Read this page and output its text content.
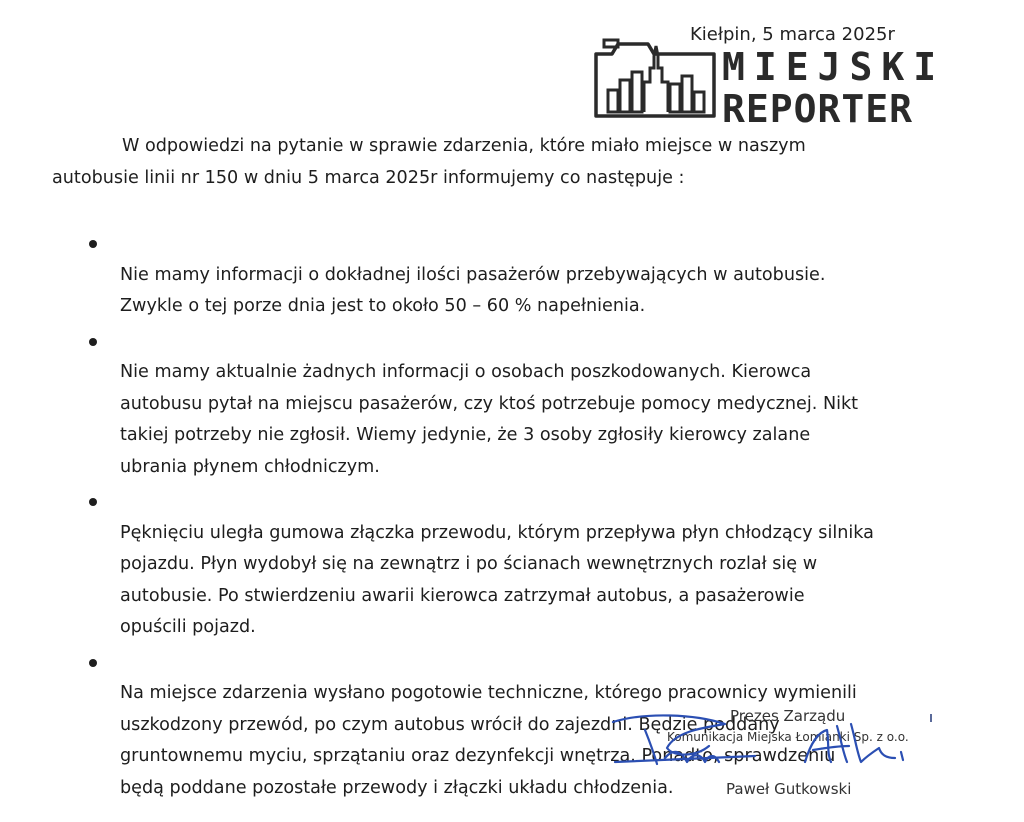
Kiełpin, 5 marca 2025r
MIEJSKI
REPORTER

W odpowiedzi na pytanie w sprawie zdarzenia, które miało miejsce w naszym
autobusie linii nr 150 w dniu 5 marca 2025r informujemy co następuje :

Nie mamy informacji o dokładnej ilości pasażerów przebywających w autobusie.
Zwykle o tej porze dnia jest to około 50 – 60 % napełnienia.

Nie mamy aktualnie żadnych informacji o osobach poszkodowanych. Kierowca
autobusu pytał na miejscu pasażerów, czy ktoś potrzebuje pomocy medycznej. Nikt
takiej potrzeby nie zgłosił. Wiemy jedynie, że 3 osoby zgłosiły kierowcy zalane
ubrania płynem chłodniczym.

Pęknięciu uległa gumowa złączka przewodu, którym przepływa płyn chłodzący silnika
pojazdu. Płyn wydobył się na zewnątrz i po ścianach wewnętrznych rozlał się w
autobusie. Po stwierdzeniu awarii kierowca zatrzymał autobus, a pasażerowie
opuścili pojazd.

Na miejsce zdarzenia wysłano pogotowie techniczne, którego pracownicy wymienili
uszkodzony przewód, po czym autobus wrócił do zajezdni. Będzie poddany
gruntownemu myciu, sprzątaniu oraz dezynfekcji wnętrza. Ponadto, sprawdzeniu
będą poddane pozostałe przewody i złączki układu chłodzenia.

Prezes Zarządu
Komunikacja Miejska Łomianki Sp. z o.o.
Paweł Gutkowski
